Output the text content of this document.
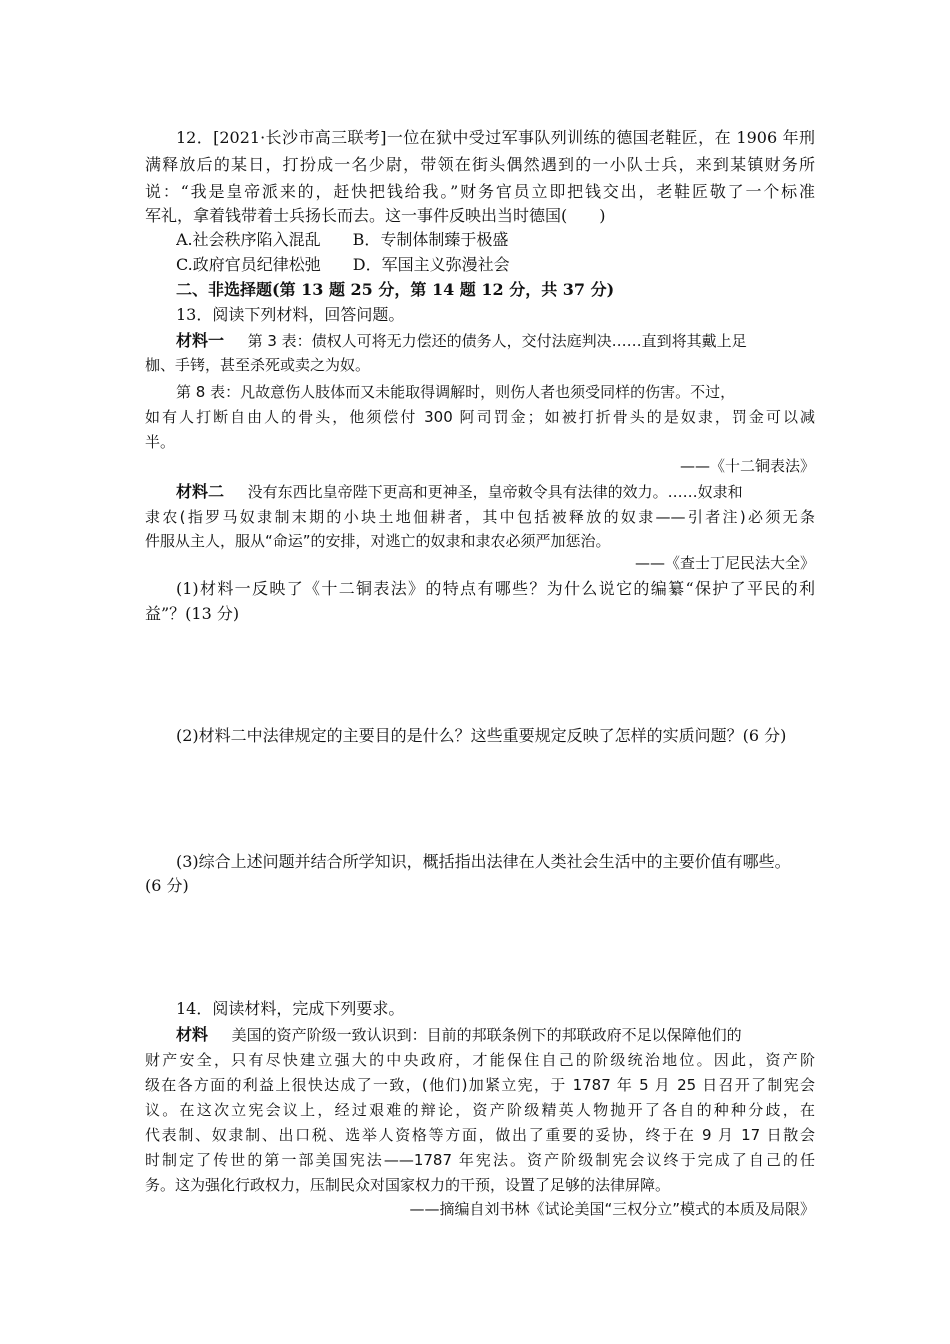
12．[2021·长沙市高三联考]一位在狱中受过军事队列训练的德国老鞋匠，在 1906 年刑
满释放后的某日，打扮成一名少尉，带领在街头偶然遇到的一小队士兵，来到某镇财务所
说：“我是皇帝派来的，赶快把钱给我。”财务官员立即把钱交出，老鞋匠敬了一个标准
军礼，拿着钱带着士兵扬长而去。这一事件反映出当时德国(　　)
A.社会秩序陷入混乱　　B．专制体制臻于极盛
C.政府官员纪律松弛　　D．军国主义弥漫社会
二、非选择题(第 13 题 25 分，第 14 题 12 分，共 37 分)
13．阅读下列材料，回答问题。
材料一 第 3 表：债权人可将无力偿还的债务人，交付法庭判决……直到将其戴上足
枷、手铐，甚至杀死或卖之为奴。
第 8 表：凡故意伤人肢体而又未能取得调解时，则伤人者也须受同样的伤害。不过，
如有人打断自由人的骨头，他须偿付 300 阿司罚金；如被打折骨头的是奴隶，罚金可以减
半。
——《十二铜表法》
材料二 没有东西比皇帝陛下更高和更神圣，皇帝敕令具有法律的效力。……奴隶和
隶农(指罗马奴隶制末期的小块土地佃耕者，其中包括被释放的奴隶——引者注)必须无条
件服从主人，服从“命运”的安排，对逃亡的奴隶和隶农必须严加惩治。
——《查士丁尼民法大全》
(1)材料一反映了《十二铜表法》的特点有哪些？为什么说它的编纂“保护了平民的利
益”？(13 分)
(2)材料二中法律规定的主要目的是什么？这些重要规定反映了怎样的实质问题？(6 分)
(3)综合上述问题并结合所学知识，概括指出法律在人类社会生活中的主要价值有哪些。
(6 分)
14．阅读材料，完成下列要求。
材料 美国的资产阶级一致认识到：目前的邦联条例下的邦联政府不足以保障他们的
财产安全，只有尽快建立强大的中央政府，才能保住自己的阶级统治地位。因此，资产阶
级在各方面的利益上很快达成了一致，(他们)加紧立宪，于 1787 年 5 月 25 日召开了制宪会
议。在这次立宪会议上，经过艰难的辩论，资产阶级精英人物抛开了各自的种种分歧，在
代表制、奴隶制、出口税、选举人资格等方面，做出了重要的妥协，终于在 9 月 17 日散会
时制定了传世的第一部美国宪法——1787 年宪法。资产阶级制宪会议终于完成了自己的任
务。这为强化行政权力，压制民众对国家权力的干预，设置了足够的法律屏障。
——摘编自刘书林《试论美国“三权分立”模式的本质及局限》
